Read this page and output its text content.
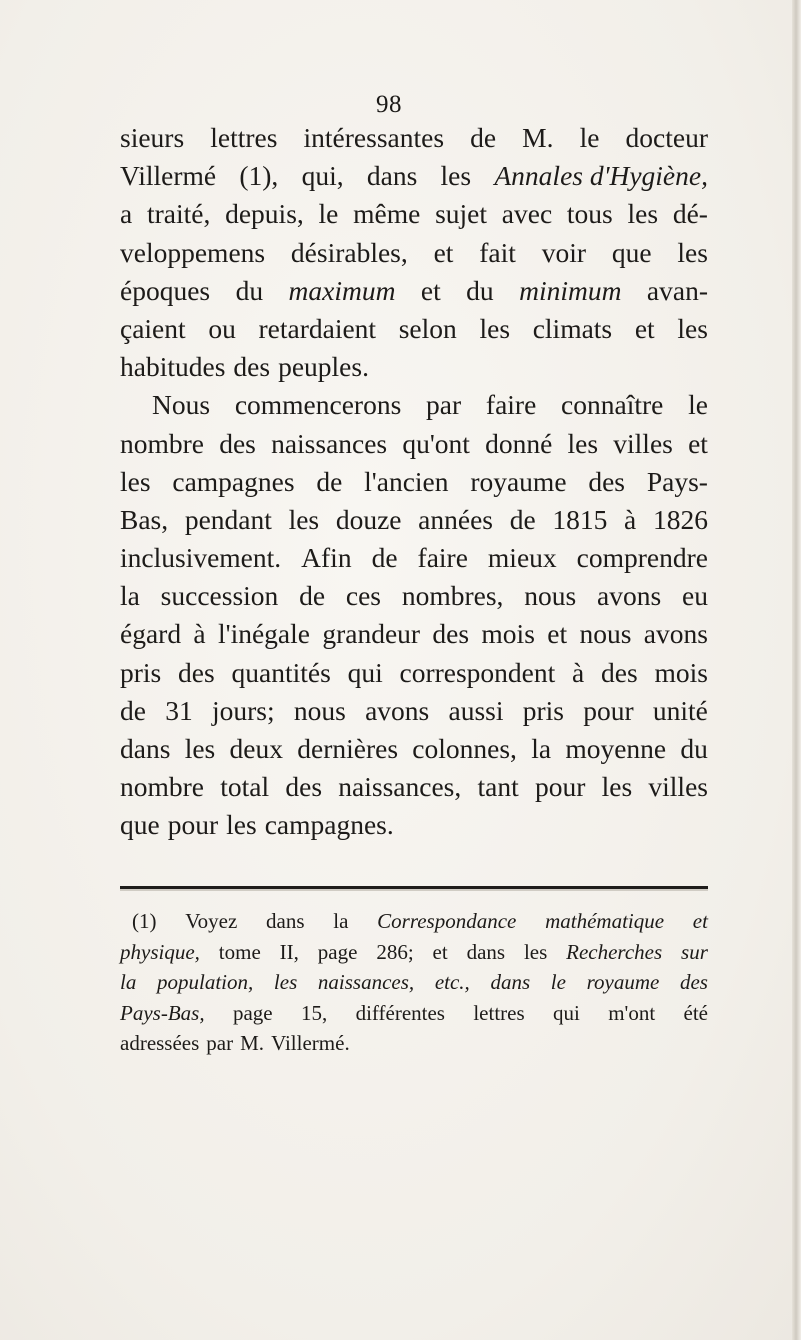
98
sieurs lettres intéressantes de M. le docteur
Villermé (1), qui, dans les Annales d'Hygiène,
a traité, depuis, le même sujet avec tous les dé-
veloppemens désirables, et fait voir que les
époques du maximum et du minimum avan-
çaient ou retardaient selon les climats et les
habitudes des peuples.
Nous commencerons par faire connaître le
nombre des naissances qu'ont donné les villes et
les campagnes de l'ancien royaume des Pays-
Bas, pendant les douze années de 1815 à 1826
inclusivement. Afin de faire mieux comprendre
la succession de ces nombres, nous avons eu
égard à l'inégale grandeur des mois et nous avons
pris des quantités qui correspondent à des mois
de 31 jours; nous avons aussi pris pour unité
dans les deux dernières colonnes, la moyenne du
nombre total des naissances, tant pour les villes
que pour les campagnes.
(1) Voyez dans la Correspondance mathématique et
physique, tome II, page 286; et dans les Recherches sur
la population, les naissances, etc., dans le royaume des
Pays-Bas, page 15, différentes lettres qui m'ont été
adressées par M. Villermé.
